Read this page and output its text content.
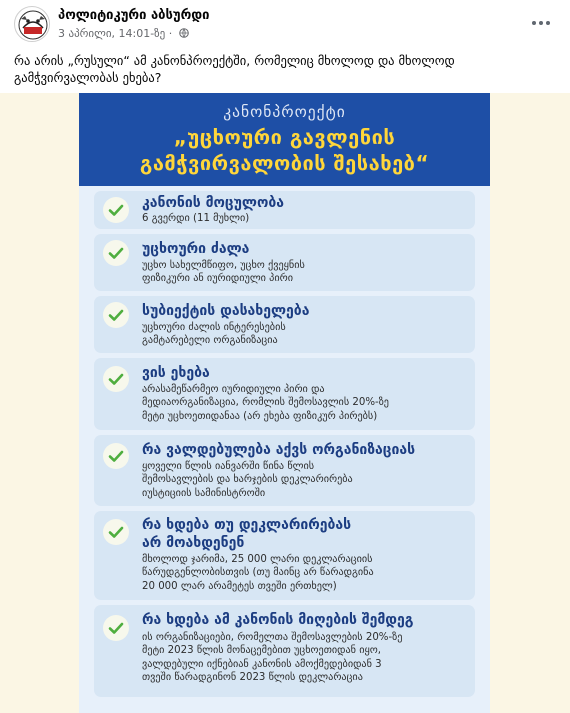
პოლიტიკური აბსურდი
3 აპრილი, 14:01-ზე ·
რა არის „რუსული“ ამ კანონპროექტში, რომელიც მხოლოდ და მხოლოდ გამჭვირვალობას ეხება?
კანონპროექტი
„უცხოური გავლენის
გამჭვირვალობის შესახებ“
კანონის მოცულობა
6 გვერდი (11 მუხლი)
უცხოური ძალა
უცხო სახელმწიფო, უცხო ქვეყნის
ფიზიკური ან იურიდიული პირი
სუბიექტის დასახელება
უცხოური ძალის ინტერესების
გამტარებელი ორგანიზაცია
ვის ეხება
არასამეწარმეო იურიდიული პირი და
მედიაორგანიზაცია, რომლის შემოსავლის 20%-ზე
მეტი უცხოეთიდანაა (არ ეხება ფიზიკურ პირებს)
რა ვალდებულება აქვს ორგანიზაციას
ყოველი წლის იანვარში წინა წლის
შემოსავლების და ხარჯების დეკლარირება
იუსტიციის სამინისტროში
რა ხდება თუ დეკლარირებას
არ მოახდენენ
მხოლოდ ჯარიმა, 25 000 ლარი დეკლარაციის
წარუდგენლობისთვის (თუ მაინც არ წარადგინა
20 000 ლარ არამეტეს თვეში ერთხელ)
რა ხდება ამ კანონის მიღების შემდეგ
ის ორგანიზაციები, რომელთა შემოსავლების 20%-ზე
მეტი 2023 წლის მონაცემებით უცხოეთიდან იყო,
ვალდებული იქნებიან კანონის ამოქმედებიდან 3
თვეში წარადგინონ 2023 წლის დეკლარაცია
